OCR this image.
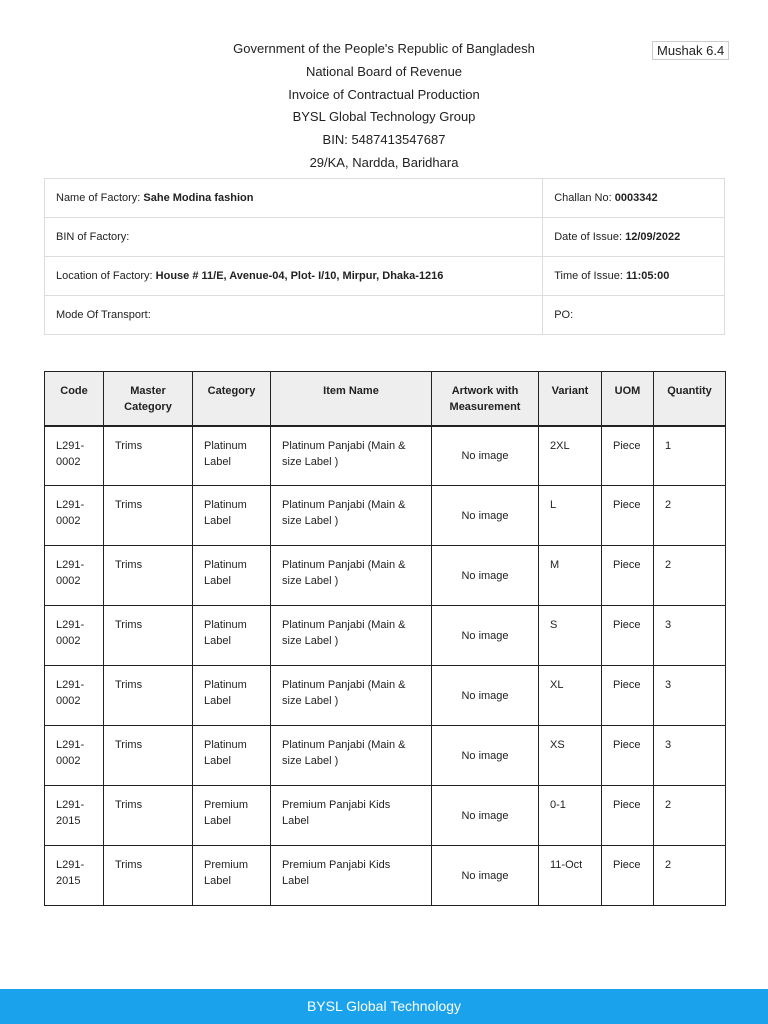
Government of the People's Republic of Bangladesh
National Board of Revenue
Invoice of Contractual Production
BYSL Global Technology Group
BIN: 5487413547687
29/KA, Nardda, Baridhara
Mushak 6.4
Name of Factory: Sahe Modina fashion	Challan No: 0003342
BIN of Factory:	Date of Issue: 12/09/2022
Location of Factory: House # 11/E, Avenue-04, Plot- I/10, Mirpur, Dhaka-1216	Time of Issue: 11:05:00
Mode Of Transport:	PO:
Code	Master Category	Category	Item Name	Artwork with Measurement	Variant	UOM	Quantity
L291-0002	Trims	Platinum Label	Platinum Panjabi (Main & size Label )	No image	2XL	Piece	1
L291-0002	Trims	Platinum Label	Platinum Panjabi (Main & size Label )	No image	L	Piece	2
L291-0002	Trims	Platinum Label	Platinum Panjabi (Main & size Label )	No image	M	Piece	2
L291-0002	Trims	Platinum Label	Platinum Panjabi (Main & size Label )	No image	S	Piece	3
L291-0002	Trims	Platinum Label	Platinum Panjabi (Main & size Label )	No image	XL	Piece	3
L291-0002	Trims	Platinum Label	Platinum Panjabi (Main & size Label )	No image	XS	Piece	3
L291-2015	Trims	Premium Label	Premium Panjabi Kids Label	No image	0-1	Piece	2
L291-2015	Trims	Premium Label	Premium Panjabi Kids Label	No image	11-Oct	Piece	2
BYSL Global Technology
